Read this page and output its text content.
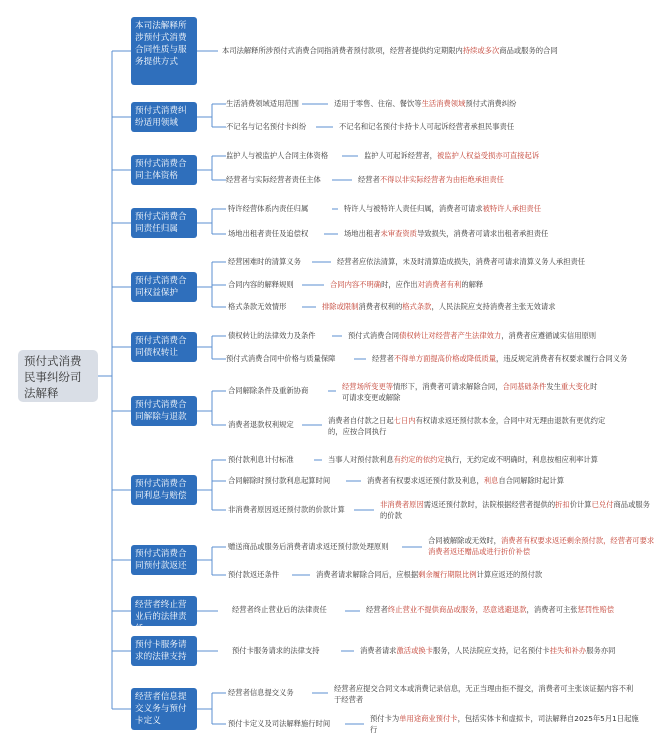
预付式消费民事纠纷司法解释
本司法解释所涉预付式消费合同性质与服务提供方式
预付式消费纠纷适用领域
预付式消费合同主体资格
预付式消费合同责任归属
预付式消费合同权益保护
预付式消费合同债权转让
预付式消费合同解除与退款
预付式消费合同利息与赔偿
预付式消费合同预付款返还
经营者终止营业后的法律责任
预付卡服务请求的法律支持
经营者信息提交义务与预付卡定义
生活消费领域适用范围
不记名与记名预付卡纠纷
监护人与被监护人合同主体资格
经营者与实际经营者责任主体
特许经营体系内责任归属
场地出租者责任及追偿权
经营困难时的清算义务
合同内容的解释规则
格式条款无效情形
债权转让的法律效力及条件
预付式消费合同中价格与质量保障
合同解除条件及重新协商
消费者退款权利规定
预付款利息计付标准
合同解除时预付款利息起算时间
非消费者原因返还预付款的价款计算
赠送商品或服务后消费者请求返还预付款处理原则
预付款返还条件
经营者终止营业后的法律责任
预付卡服务请求的法律支持
经营者信息提交义务
预付卡定义及司法解释施行时间
本司法解释所涉预付式消费合同指消费者预付款项，经营者提供约定期限内持续或多次商品或服务的合同
适用于零售、住宿、餐饮等生活消费领域预付式消费纠纷
不记名和记名预付卡持卡人可起诉经营者承担民事责任
监护人可起诉经营者，被监护人权益受损亦可直接起诉
经营者不得以非实际经营者为由拒绝承担责任
特许人与被特许人责任归属，消费者可请求被特许人承担责任
场地出租者未审查资质导致损失，消费者可请求出租者承担责任
经营者应依法清算，未及时清算造成损失，消费者可请求清算义务人承担责任
合同内容不明确时，应作出对消费者有利的解释
排除或限制消费者权利的格式条款，人民法院应支持消费者主张无效请求
预付式消费合同债权转让对经营者产生法律效力，消费者应遵循诚实信用原则
经营者不得单方面提高价格或降低质量，违反规定消费者有权要求履行合同义务
经营场所变更等情形下，消费者可请求解除合同，合同基础条件发生重大变化时可请求变更或解除
消费者自付款之日起七日内有权请求返还预付款本金，合同中对无理由退款有更优约定的，应按合同执行
当事人对预付款利息有约定的依约定执行，无约定或不明确时，利息按相应利率计算
消费者有权要求返还预付款及利息，利息自合同解除时起计算
非消费者原因需返还预付款时，法院根据经营者提供的折扣价计算已兑付商品或服务的价款
合同被解除或无效时，消费者有权要求返还剩余预付款，经营者可要求消费者返还赠品或进行折价补偿
消费者请求解除合同后，应根据剩余履行期限比例计算应返还的预付款
经营者终止营业不提供商品或服务，恶意逃避退款，消费者可主张惩罚性赔偿
消费者请求激活或换卡服务，人民法院应支持，记名预付卡挂失和补办服务亦同
经营者应提交合同文本或消费记录信息，无正当理由拒不提交，消费者可主张该证据内容不利于经营者
预付卡为单用途商业预付卡，包括实体卡和虚拟卡，司法解释自2025年5月1日起施行
